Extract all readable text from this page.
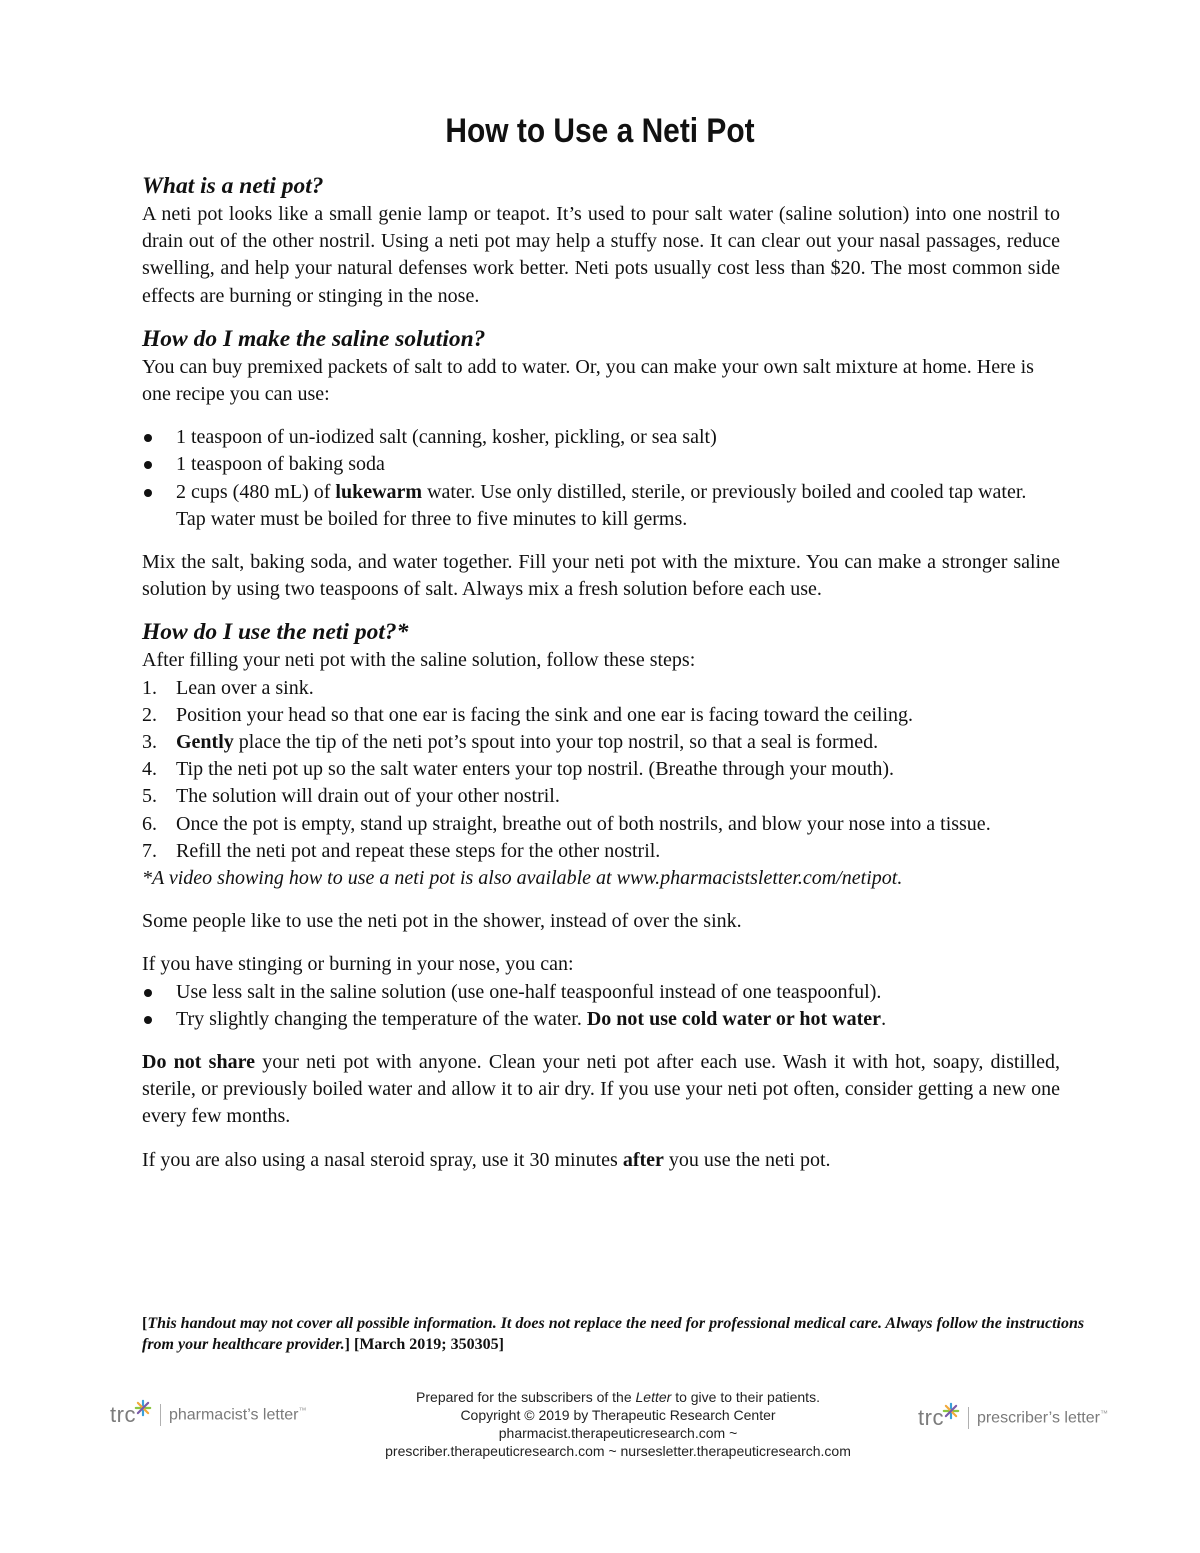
How to Use a Neti Pot
What is a neti pot?

A neti pot looks like a small genie lamp or teapot. It’s used to pour salt water (saline solution) into one nostril to drain out of the other nostril. Using a neti pot may help a stuffy nose. It can clear out your nasal passages, reduce swelling, and help your natural defenses work better. Neti pots usually cost less than $20. The most common side effects are burning or stinging in the nose.

How do I make the saline solution?

You can buy premixed packets of salt to add to water. Or, you can make your own salt mixture at home. Here is one recipe you can use:

1 teaspoon of un-iodized salt (canning, kosher, pickling, or sea salt)
1 teaspoon of baking soda
2 cups (480 mL) of lukewarm water. Use only distilled, sterile, or previously boiled and cooled tap water. Tap water must be boiled for three to five minutes to kill germs.

Mix the salt, baking soda, and water together. Fill your neti pot with the mixture. You can make a stronger saline solution by using two teaspoons of salt. Always mix a fresh solution before each use.

How do I use the neti pot?*

After filling your neti pot with the saline solution, follow these steps:

1. Lean over a sink.
2. Position your head so that one ear is facing the sink and one ear is facing toward the ceiling.
3. Gently place the tip of the neti pot’s spout into your top nostril, so that a seal is formed.
4. Tip the neti pot up so the salt water enters your top nostril. (Breathe through your mouth).
5. The solution will drain out of your other nostril.
6. Once the pot is empty, stand up straight, breathe out of both nostrils, and blow your nose into a tissue.
7. Refill the neti pot and repeat these steps for the other nostril.

*A video showing how to use a neti pot is also available at www.pharmacistsletter.com/netipot.

Some people like to use the neti pot in the shower, instead of over the sink.

If you have stinging or burning in your nose, you can:

Use less salt in the saline solution (use one-half teaspoonful instead of one teaspoonful).
Try slightly changing the temperature of the water. Do not use cold water or hot water.

Do not share your neti pot with anyone. Clean your neti pot after each use. Wash it with hot, soapy, distilled, sterile, or previously boiled water and allow it to air dry. If you use your neti pot often, consider getting a new one every few months.

If you are also using a nasal steroid spray, use it 30 minutes after you use the neti pot.

[This handout may not cover all possible information. It does not replace the need for professional medical care. Always follow the instructions from your healthcare provider.] [March 2019; 350305]
Prepared for the subscribers of the Letter to give to their patients.
Copyright © 2019 by Therapeutic Research Center
pharmacist.therapeuticresearch.com ~
prescriber.therapeuticresearch.com ~ nursesletter.therapeuticresearch.com
trc pharmacist’s letter™	trc prescriber’s letter™
